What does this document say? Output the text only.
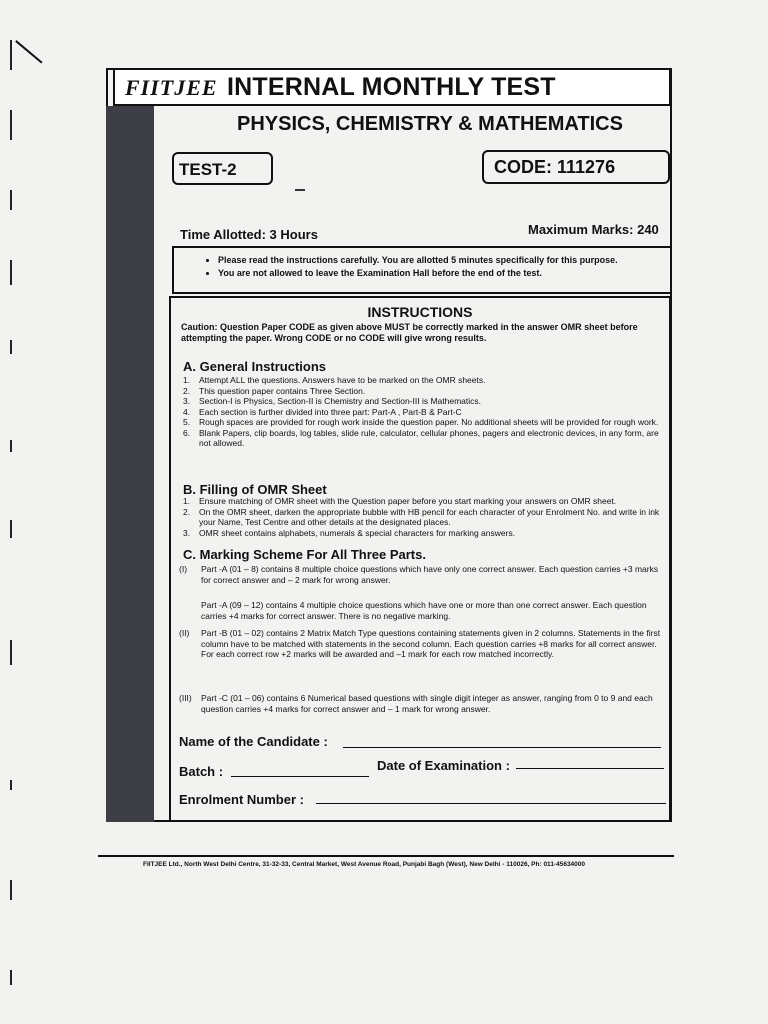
FIITJEE INTERNAL MONTHLY TEST
PHYSICS, CHEMISTRY & MATHEMATICS
TEST-2	CODE: 111276
Time Allotted: 3 Hours	Maximum Marks: 240
• Please read the instructions carefully. You are allotted 5 minutes specifically for this purpose.
• You are not allowed to leave the Examination Hall before the end of the test.
INSTRUCTIONS
Caution: Question Paper CODE as given above MUST be correctly marked in the answer OMR sheet before attempting the paper. Wrong CODE or no CODE will give wrong results.
A. General Instructions
1.	Attempt ALL the questions. Answers have to be marked on the OMR sheets.
2.	This question paper contains Three Section.
3.	Section-I is Physics, Section-II is Chemistry and Section-III is Mathematics.
4.	Each section is further divided into three part: Part-A , Part-B & Part-C
5.	Rough spaces are provided for rough work inside the question paper. No additional sheets will be provided for rough work.
6.	Blank Papers, clip boards, log tables, slide rule, calculator, cellular phones, pagers and electronic devices, in any form, are not allowed.
B. Filling of OMR Sheet
1.	Ensure matching of OMR sheet with the Question paper before you start marking your answers on OMR sheet.
2.	On the OMR sheet, darken the appropriate bubble with HB pencil for each character of your Enrolment No. and write in ink your Name, Test Centre and other details at the designated places.
3.	OMR sheet contains alphabets, numerals & special characters for marking answers.
C. Marking Scheme For All Three Parts.
(I)	Part -A (01 – 8) contains 8 multiple choice questions which have only one correct answer. Each question carries +3 marks for correct answer and – 2 mark for wrong answer.
Part -A (09 – 12) contains 4 multiple choice questions which have one or more than one correct answer. Each question carries +4 marks for correct answer. There is no negative marking.
(II)	Part -B (01 – 02) contains 2 Matrix Match Type questions containing statements given in 2 columns. Statements in the first column have to be matched with statements in the second column. Each question carries +8 marks for all correct answer. For each correct row +2 marks will be awarded and –1 mark for each row matched incorrectly.
(III)	Part -C (01 – 06) contains 6 Numerical based questions with single digit integer as answer, ranging from 0 to 9 and each question carries +4 marks for correct answer and – 1 mark for wrong answer.
Name of the Candidate :
Batch :	Date of Examination :
Enrolment Number :
FIITJEE Ltd., North West Delhi Centre, 31-32-33, Central Market, West Avenue Road, Punjabi Bagh (West), New Delhi - 110026, Ph: 011-45634000
